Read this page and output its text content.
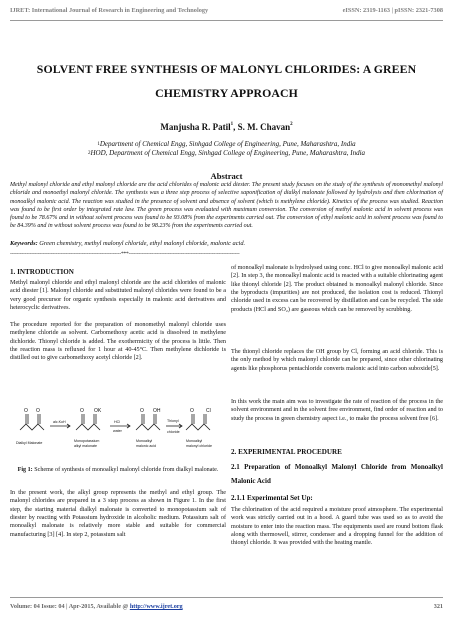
IJRET: International Journal of Research in Engineering and Technology	eISSN: 2319-1163 | pISSN: 2321-7308
SOLVENT FREE SYNTHESIS OF MALONYL CHLORIDES: A GREEN CHEMISTRY APPROACH
Manjusha R. Patil$^1$, S. M. Chavan$^2$
$^1$Department of Chemical Engg, Sinhgad College of Engineering, Pune, Maharashtra, India
$^2$HOD, Department of Chemical Engg, Sinhgad College of Engineering, Pune, Maharashtra, India
Abstract
Methyl malonyl chloride and ethyl malonyl chloride are the acid chlorides of malonic acid diester. The present study focuses on the study of the synthesis of monomethyl malonyl chloride and monoethyl malonyl chloride. The synthesis was a three step process of selective saponification of dialkyl malonate followed by hydrolysis and then chlorination of monoalkyl malonic acid. The reaction was studied in the presence of solvent and absence of solvent (which is methylene chloride). Kinetics of the process was studied. Reaction was found to be first order by integrated rate law. The green process was evaluated with maximum conversion. The conversion of methyl malonic acid in solvent process was found to be 78.67% and in without solvent process was found to be 93.08% from the experiments carried out. The conversion of ethyl malonic acid in solvent process was found to be 84.39% and in without solvent process was found to be 98.23% from the experiments carried out.
Keywords: Green chemistry, methyl malonyl chloride, ethyl malonyl chloride, malonic acid.
--------------------------------------------------------------------***--------------------------------------------------------------------
1. INTRODUCTION
Methyl malonyl chloride and ethyl malonyl chloride are the acid chlorides of malonic acid diester [1]. Malonyl chloride and substituted malonyl chlorides were found to be a very good precursor for organic synthesis especially in malonic acid derivatives and heterocyclic derivatives.
The procedure reported for the preparation of monomethyl malonyl chloride uses methylene chloride as solvent. Carbomethoxy acetic acid is dissolved in methylene dichloride. Thionyl chloride is added. The exothermicity of the process is little. Then the reaction mass is refluxed for 1 hour at 40-45°C. Then methylene dichloride is distilled out to give carbomethoxy acetyl chloride [2].
O O	O OK	O OH	O Cl
alc.KoH	HCl
water
Thionyl
chloride
Dialkyl Malonate	Monopotassium
alkyl malonate
Monoalkyl
malonic acid
Monoalkyl
malonyl chloride
Fig 1: Scheme of synthesis of monoalkyl malonyl chloride from dialkyl malonate.
In the present work, the alkyl group represents the methyl and ethyl group. The malonyl chlorides are prepared in a 3 step process as shown in Figure 1. In the first step, the starting material dialkyl malonate is converted to monopotassium salt of diester by reacting with Potassium hydroxide in alcoholic medium. Potassium salt of monoalkyl malonate is relatively more stable and suitable for commercial manufacturing [3] [4]. In step 2, potassium salt
of monoalkyl malonate is hydrolysed using conc. HCl to give monoalkyl malonic acid [2]. In step 3, the monoalkyl malonic acid is reacted with a suitable chlorinating agent like thionyl chloride [2]. The product obtained is monoalkyl malonyl chloride. Since the byproducts (impurities) are not produced, the isolation cost is reduced. Thionyl chloride used in excess can be recovered by distillation and can be recycled. The side products (HCl and SO₂) are gaseous which can be removed by scrubbing.
The thionyl chloride replaces the OH group by Cl, forming an acid chloride. This is the only method by which malonyl chloride can be prepared, since other chlorinating agents like phosphorus pentachloride converts malonic acid into carbon suboxide[5].
In this work the main aim was to investigate the rate of reaction of the process in the solvent environment and in the solvent free environment, find order of reaction and to study the process in green chemistry aspect i.e., to make the process solvent free [6].
2. EXPERIMENTAL PROCEDURE
2.1 Preparation of Monoalkyl Malonyl Chloride from Monoalkyl Malonic Acid
2.1.1 Experimental Set Up:
The chlorination of the acid required a moisture proof atmosphere. The experimental work was strictly carried out in a hood. A guard tube was used so as to avoid the moisture to enter into the reaction mass. The equipments used are round bottom flask along with thermowell, stirrer, condenser and a dropping funnel for the addition of thionyl chloride. It was provided with the heating mantle.
Volume: 04 Issue: 04 | Apr-2015, Available @ http://www.ijret.org	321
